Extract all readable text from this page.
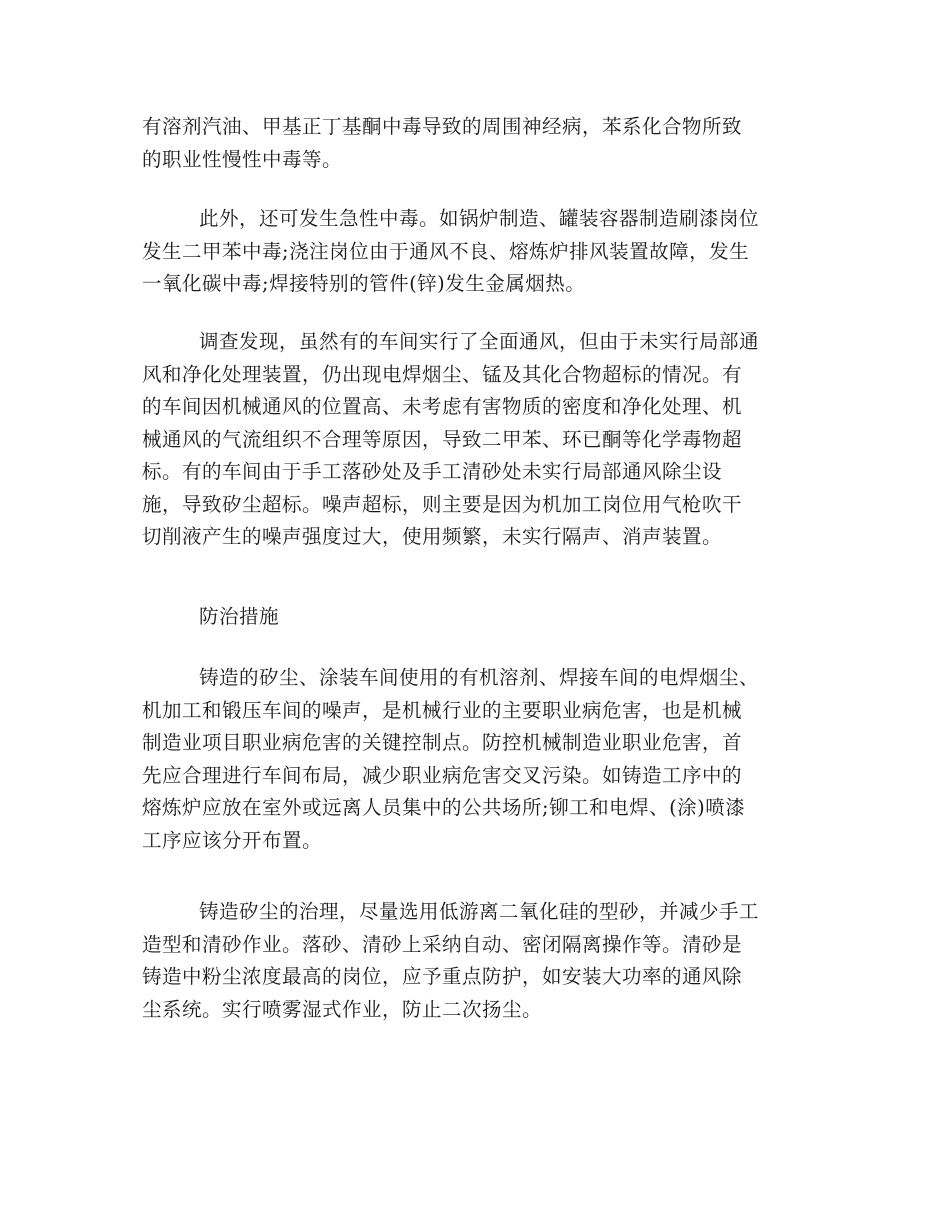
有溶剂汽油、甲基正丁基酮中毒导致的周围神经病，苯系化合物所致
的职业性慢性中毒等。
此外，还可发生急性中毒。如锅炉制造、罐装容器制造刷漆岗位
发生二甲苯中毒;浇注岗位由于通风不良、熔炼炉排风装置故障，发生
一氧化碳中毒;焊接特别的管件(锌)发生金属烟热。
调查发现，虽然有的车间实行了全面通风，但由于未实行局部通
风和净化处理装置，仍出现电焊烟尘、锰及其化合物超标的情况。有
的车间因机械通风的位置高、未考虑有害物质的密度和净化处理、机
械通风的气流组织不合理等原因，导致二甲苯、环已酮等化学毒物超
标。有的车间由于手工落砂处及手工清砂处未实行局部通风除尘设
施，导致矽尘超标。噪声超标，则主要是因为机加工岗位用气枪吹干
切削液产生的噪声强度过大，使用频繁，未实行隔声、消声装置。
防治措施
铸造的矽尘、涂装车间使用的有机溶剂、焊接车间的电焊烟尘、
机加工和锻压车间的噪声，是机械行业的主要职业病危害，也是机械
制造业项目职业病危害的关键控制点。防控机械制造业职业危害，首
先应合理进行车间布局，减少职业病危害交叉污染。如铸造工序中的
熔炼炉应放在室外或远离人员集中的公共场所;铆工和电焊、(涂)喷漆
工序应该分开布置。
铸造矽尘的治理，尽量选用低游离二氧化硅的型砂，并减少手工
造型和清砂作业。落砂、清砂上采纳自动、密闭隔离操作等。清砂是
铸造中粉尘浓度最高的岗位，应予重点防护，如安装大功率的通风除
尘系统。实行喷雾湿式作业，防止二次扬尘。
